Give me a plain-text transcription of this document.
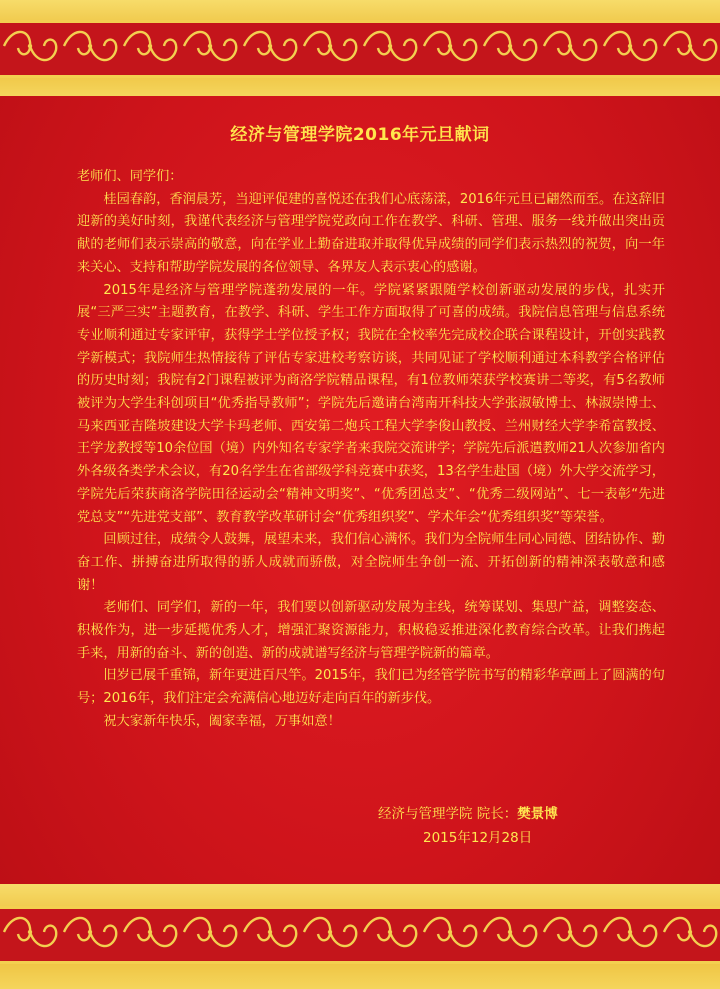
经济与管理学院2016年元旦献词

老师们、同学们：

桂园春韵，香润晨芳，当迎评促建的喜悦还在我们心底荡漾，2016年元旦已翩然而至。在这辞旧迎新的美好时刻，我谨代表经济与管理学院党政向工作在教学、科研、管理、服务一线并做出突出贡献的老师们表示崇高的敬意，向在学业上勤奋进取并取得优异成绩的同学们表示热烈的祝贺，向一年来关心、支持和帮助学院发展的各位领导、各界友人表示衷心的感谢。

2015年是经济与管理学院蓬勃发展的一年。学院紧紧跟随学校创新驱动发展的步伐，扎实开展“三严三实”主题教育，在教学、科研、学生工作方面取得了可喜的成绩。我院信息管理与信息系统专业顺利通过专家评审，获得学士学位授予权；我院在全校率先完成校企联合课程设计，开创实践教学新模式；我院师生热情接待了评估专家进校考察访谈，共同见证了学校顺利通过本科教学合格评估的历史时刻；我院有2门课程被评为商洛学院精品课程，有1位教师荣获学校赛讲二等奖，有5名教师被评为大学生科创项目“优秀指导教师”；学院先后邀请台湾南开科技大学张淑敏博士、林淑崇博士、马来西亚吉隆坡建设大学卡玛老师、西安第二炮兵工程大学李俊山教授、兰州财经大学李希富教授、王学龙教授等10余位国（境）内外知名专家学者来我院交流讲学；学院先后派遣教师21人次参加省内外各级各类学术会议，有20名学生在省部级学科竞赛中获奖，13名学生赴国（境）外大学交流学习，学院先后荣获商洛学院田径运动会“精神文明奖”、“优秀团总支”、“优秀二级网站”、七一表彰“先进党总支”“先进党支部”、教育教学改革研讨会“优秀组织奖”、学术年会“优秀组织奖”等荣誉。

回顾过往，成绩令人鼓舞，展望未来，我们信心满怀。我们为全院师生同心同德、团结协作、勤奋工作、拼搏奋进所取得的骄人成就而骄傲，对全院师生争创一流、开拓创新的精神深表敬意和感谢！

老师们、同学们，新的一年，我们要以创新驱动发展为主线，统筹谋划、集思广益，调整姿态、积极作为，进一步延揽优秀人才，增强汇聚资源能力，积极稳妥推进深化教育综合改革。让我们携起手来，用新的奋斗、新的创造、新的成就谱写经济与管理学院新的篇章。

旧岁已展千重锦，新年更进百尺竿。2015年，我们已为经管学院书写的精彩华章画上了圆满的句号；2016年，我们注定会充满信心地迈好走向百年的新步伐。

祝大家新年快乐，阖家幸福，万事如意！

经济与管理学院 院长：樊景博
2015年12月28日
